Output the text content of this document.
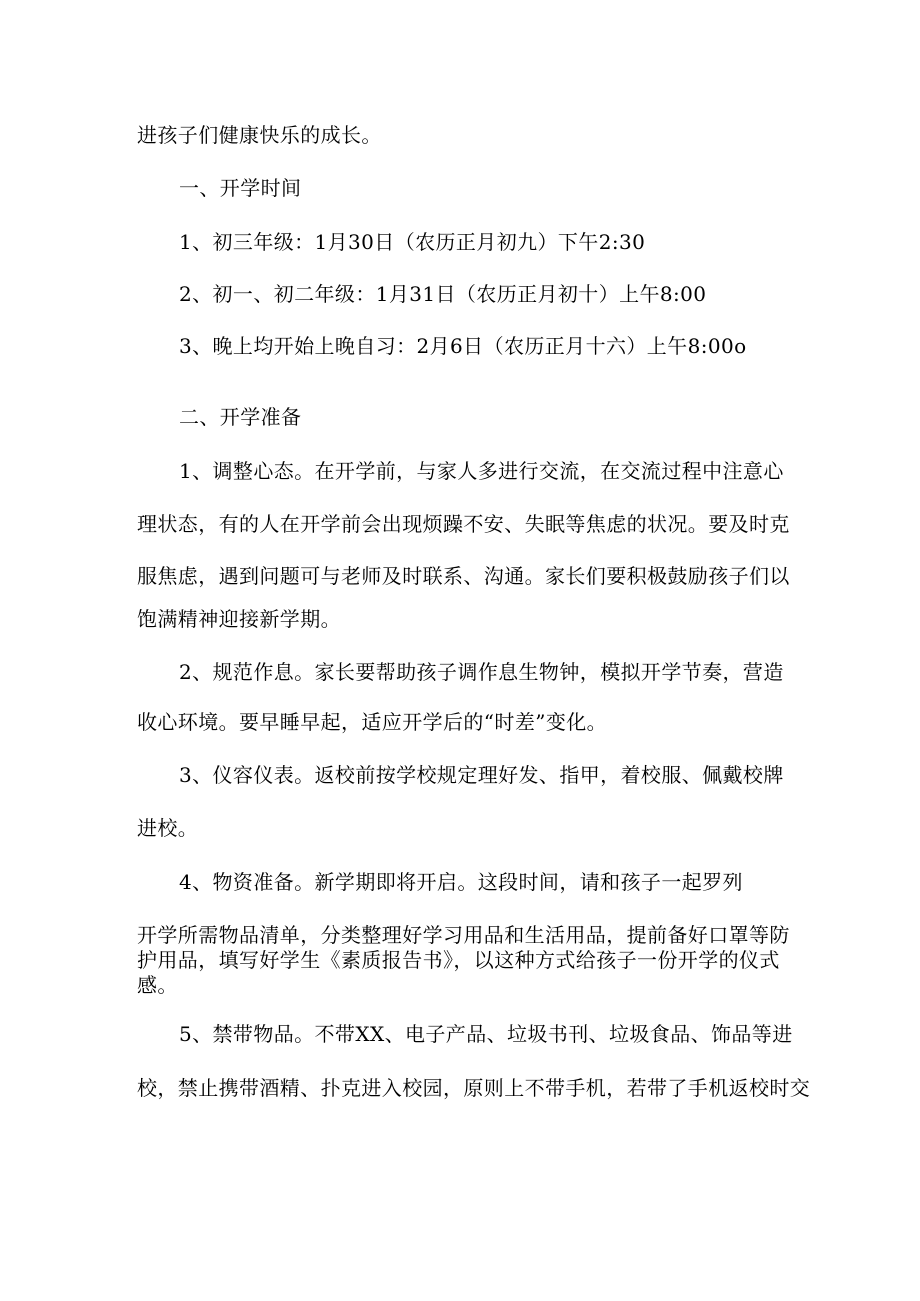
进孩子们健康快乐的成长。
一、开学时间
1、初三年级：1月30日（农历正月初九）下午2:30
2、初一、初二年级：1月31日（农历正月初十）上午8:00
3、晚上均开始上晚自习：2月6日（农历正月十六）上午8:00o
二、开学准备
1、调整心态。在开学前，与家人多进行交流，在交流过程中注意心
理状态，有的人在开学前会出现烦躁不安、失眠等焦虑的状况。要及时克
服焦虑，遇到问题可与老师及时联系、沟通。家长们要积极鼓励孩子们以
饱满精神迎接新学期。
2、规范作息。家长要帮助孩子调作息生物钟，模拟开学节奏，营造
收心环境。要早睡早起，适应开学后的“时差”变化。
3、仪容仪表。返校前按学校规定理好发、指甲，着校服、佩戴校牌
进校。
4、物资准备。新学期即将开启。这段时间，请和孩子一起罗列
开学所需物品清单，分类整理好学习用品和生活用品，提前备好口罩等防
护用品，填写好学生《素质报告书》，以这种方式给孩子一份开学的仪式
感。
5、禁带物品。不带XX、电子产品、垃圾书刊、垃圾食品、饰品等进
校，禁止携带酒精、扑克进入校园，原则上不带手机，若带了手机返校时交
